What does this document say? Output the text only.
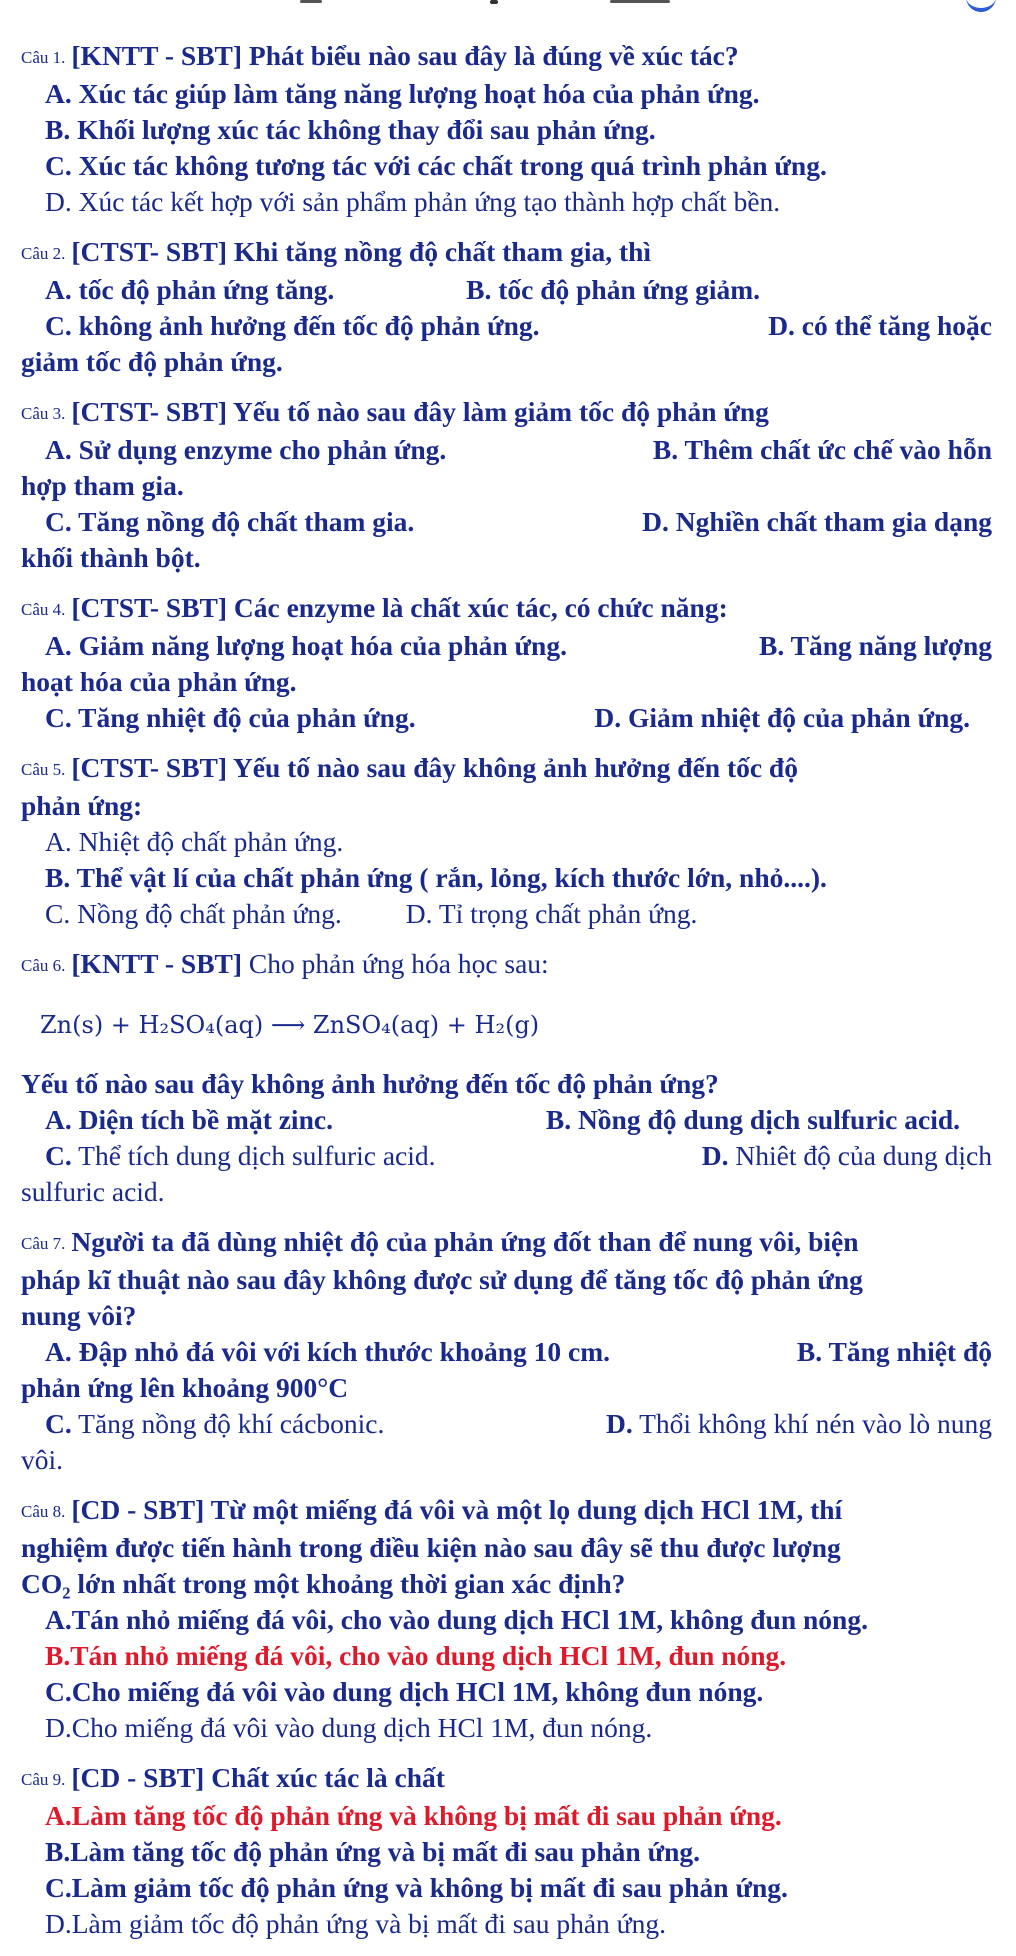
Câu 1. [KNTT - SBT] Phát biểu nào sau đây là đúng về xúc tác?

A. Xúc tác giúp làm tăng năng lượng hoạt hóa của phản ứng.

B. Khối lượng xúc tác không thay đổi sau phản ứng.

C. Xúc tác không tương tác với các chất trong quá trình phản ứng.

D. Xúc tác kết hợp với sản phẩm phản ứng tạo thành hợp chất bền.

Câu 2. [CTST- SBT] Khi tăng nồng độ chất tham gia, thì

A. tốc độ phản ứng tăng.	B. tốc độ phản ứng giảm.
C. không ảnh hưởng đến tốc độ phản ứng.	D. có thể tăng hoặc

giảm tốc độ phản ứng.

Câu 3. [CTST- SBT] Yếu tố nào sau đây làm giảm tốc độ phản ứng

A. Sử dụng enzyme cho phản ứng.	B. Thêm chất ức chế vào hỗn

hợp tham gia.

C. Tăng nồng độ chất tham gia.	D. Nghiền chất tham gia dạng

khối thành bột.

Câu 4. [CTST- SBT] Các enzyme là chất xúc tác, có chức năng:

A. Giảm năng lượng hoạt hóa của phản ứng.	B. Tăng năng lượng

hoạt hóa của phản ứng.

C. Tăng nhiệt độ của phản ứng.	D. Giảm nhiệt độ của phản ứng.

Câu 5. [CTST- SBT] Yếu tố nào sau đây không ảnh hưởng đến tốc độ

phản ứng:

A. Nhiệt độ chất phản ứng.

B. Thể vật lí của chất phản ứng ( rắn, lỏng, kích thước lớn, nhỏ....).

C. Nồng độ chất phản ứng. D. Tỉ trọng chất phản ứng.

Câu 6. [KNTT - SBT] Cho phản ứng hóa học sau:

Zn(s) + H₂SO₄(aq) ⟶ ZnSO₄(aq) + H₂(g)

Yếu tố nào sau đây không ảnh hưởng đến tốc độ phản ứng?

A. Diện tích bề mặt zinc.	B. Nồng độ dung dịch sulfuric acid.
C. Thể tích dung dịch sulfuric acid.	D. Nhiêt độ của dung dịch

sulfuric acid.

Câu 7. Người ta đã dùng nhiệt độ của phản ứng đốt than để nung vôi, biện

pháp kĩ thuật nào sau đây không được sử dụng để tăng tốc độ phản ứng

nung vôi?

A. Đập nhỏ đá vôi với kích thước khoảng 10 cm.	B. Tăng nhiệt độ

phản ứng lên khoảng 900°C

C. Tăng nồng độ khí cácbonic.	D. Thổi không khí nén vào lò nung

vôi.

Câu 8. [CD - SBT] Từ một miếng đá vôi và một lọ dung dịch HCl 1M, thí

nghiệm được tiến hành trong điều kiện nào sau đây sẽ thu được lượng

CO₂ lớn nhất trong một khoảng thời gian xác định?

A.Tán nhỏ miếng đá vôi, cho vào dung dịch HCl 1M, không đun nóng.

B.Tán nhỏ miếng đá vôi, cho vào dung dịch HCl 1M, đun nóng.

C.Cho miếng đá vôi vào dung dịch HCl 1M, không đun nóng.

D.Cho miếng đá vôi vào dung dịch HCl 1M, đun nóng.

Câu 9. [CD - SBT] Chất xúc tác là chất

A.Làm tăng tốc độ phản ứng và không bị mất đi sau phản ứng.

B.Làm tăng tốc độ phản ứng và bị mất đi sau phản ứng.

C.Làm giảm tốc độ phản ứng và không bị mất đi sau phản ứng.

D.Làm giảm tốc độ phản ứng và bị mất đi sau phản ứng.
